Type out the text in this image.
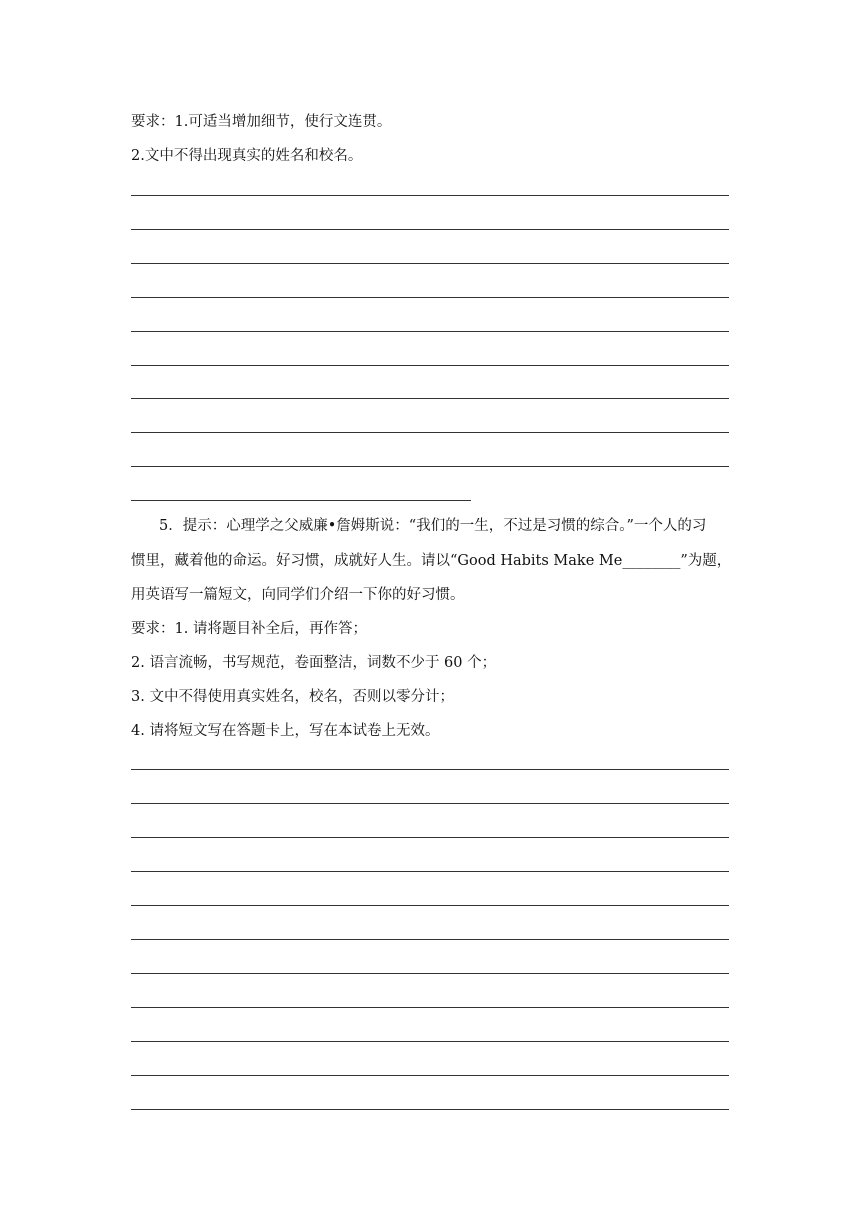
要求：1.可适当增加细节，使行文连贯。
2.文中不得出现真实的姓名和校名。
5．提示：心理学之父威廉•詹姆斯说：“我们的一生，不过是习惯的综合。”一个人的习
惯里，藏着他的命运。好习惯，成就好人生。请以“Good Habits Make Me________”为题，
用英语写一篇短文，向同学们介绍一下你的好习惯。
要求：1. 请将题目补全后，再作答；
2. 语言流畅，书写规范，卷面整洁，词数不少于 60 个；
3. 文中不得使用真实姓名，校名，否则以零分计；
4. 请将短文写在答题卡上，写在本试卷上无效。
